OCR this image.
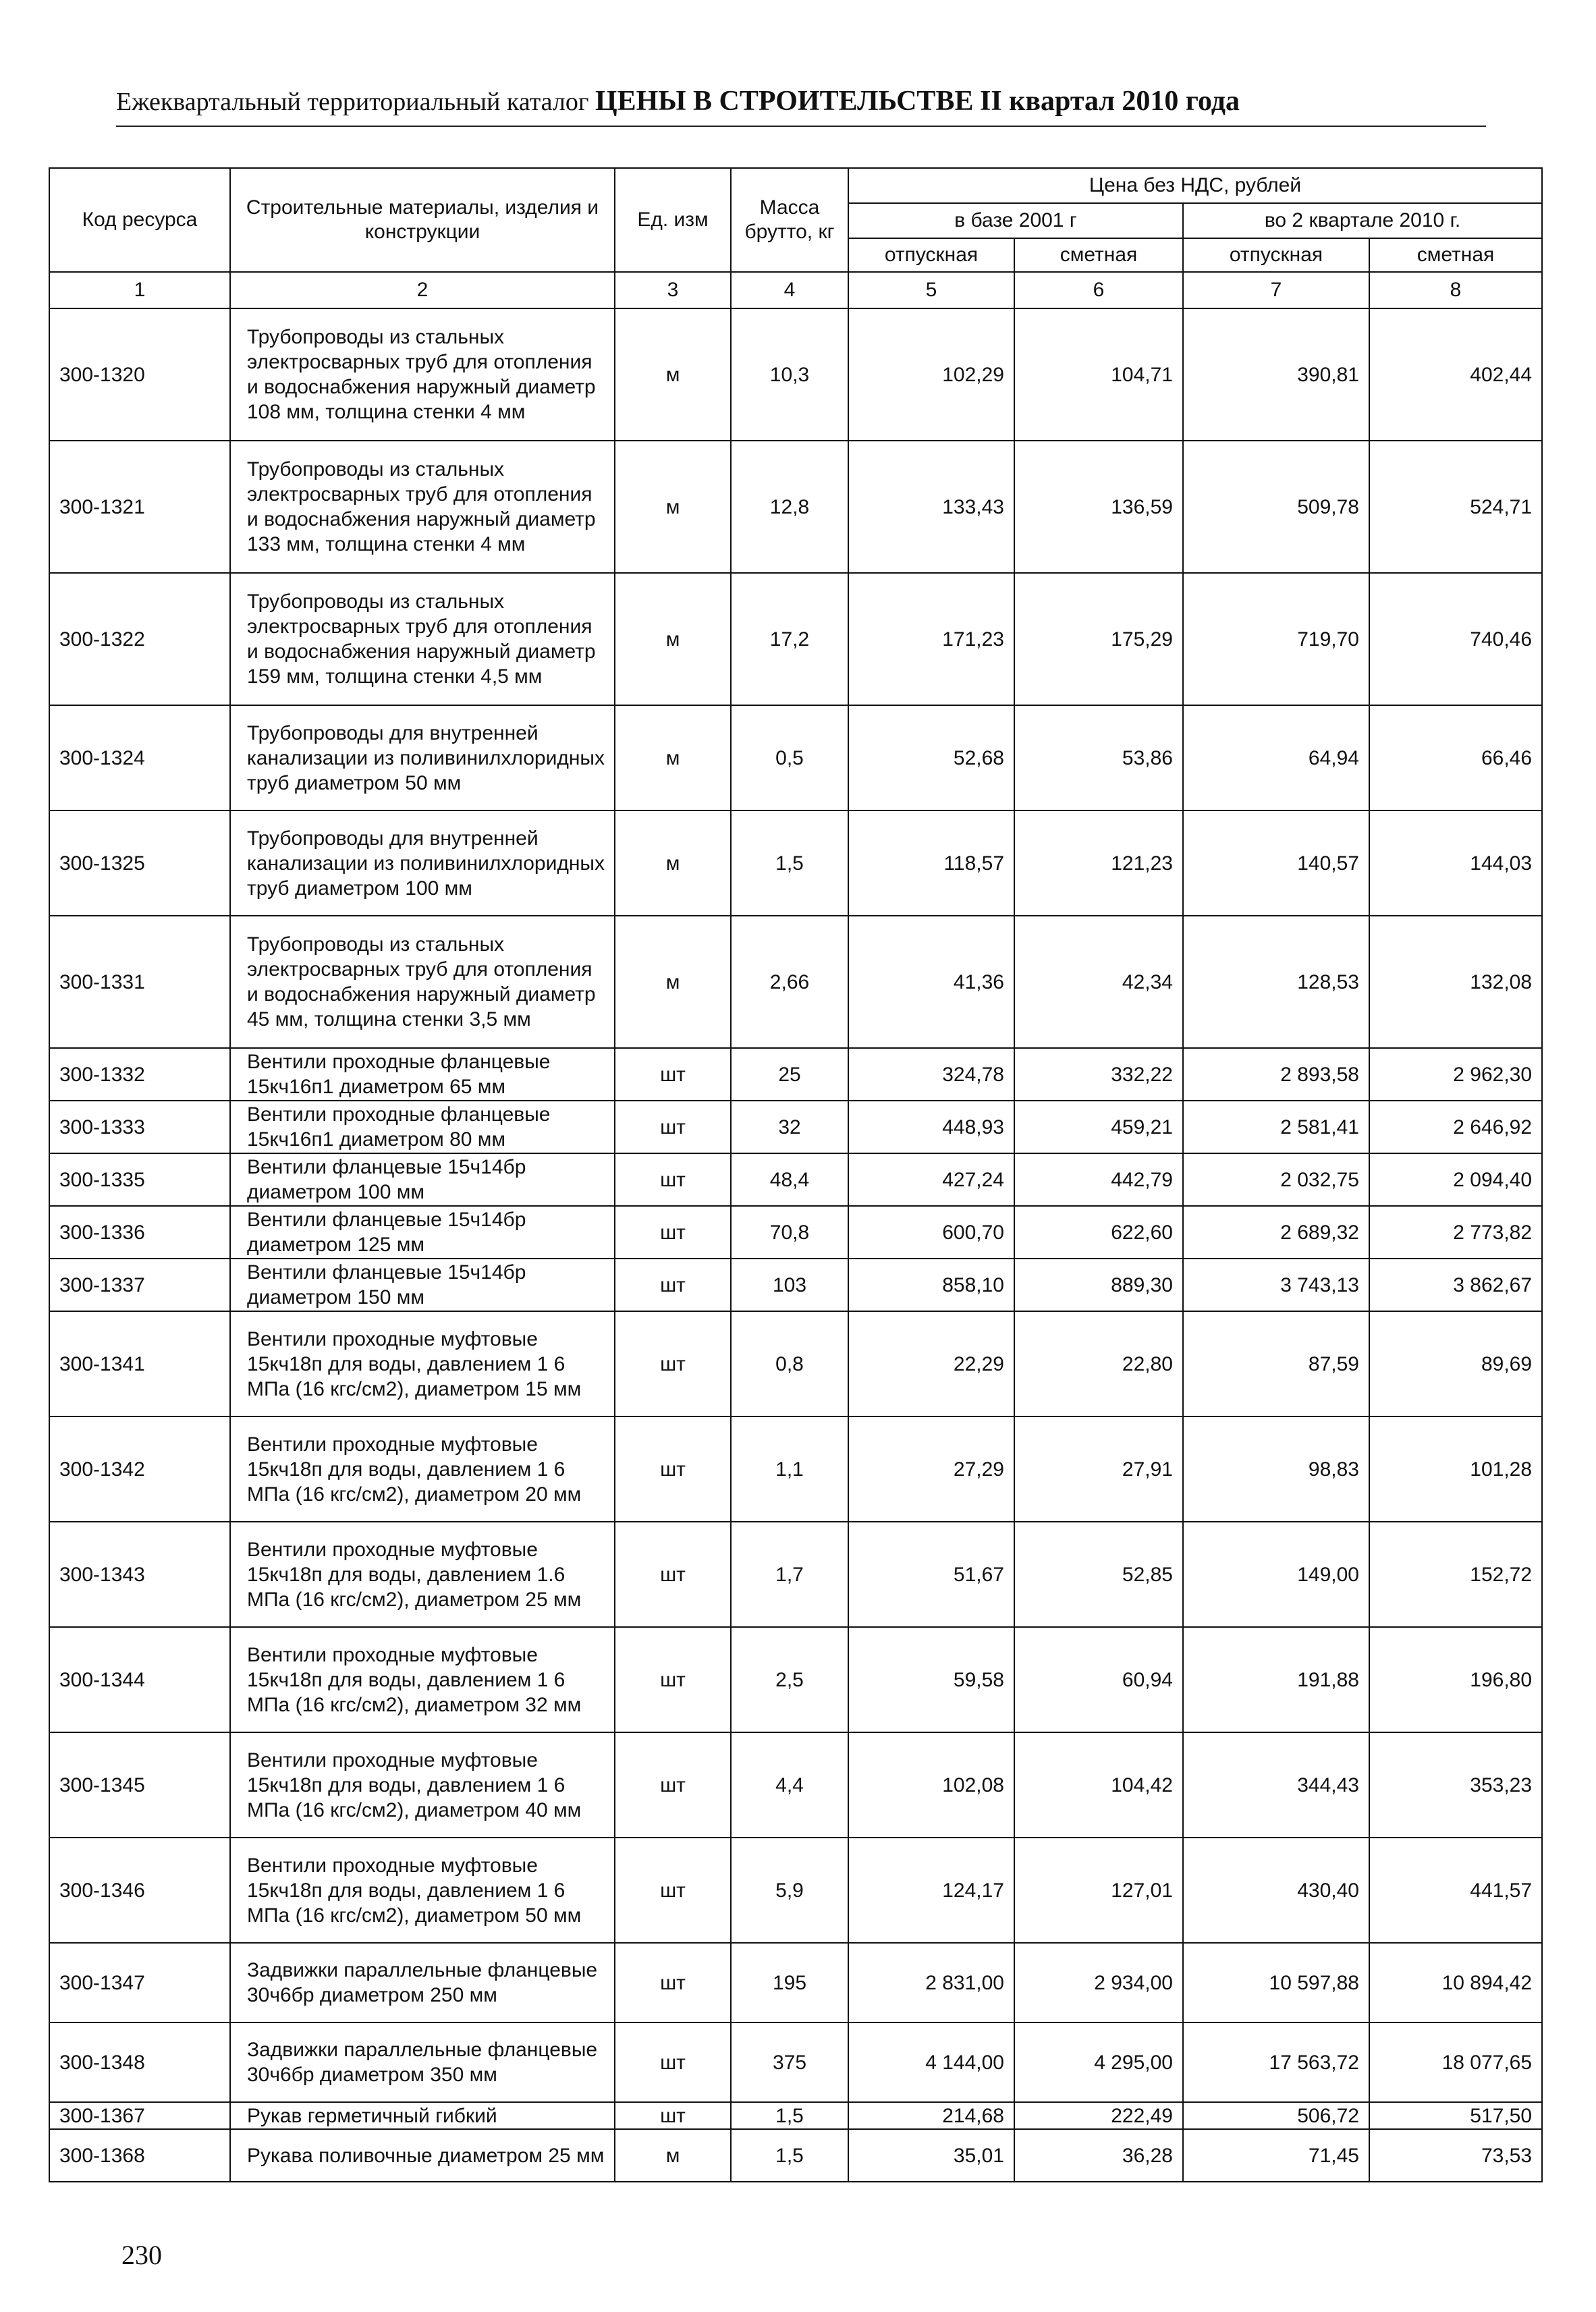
Ежеквартальный территориальный каталог ЦЕНЫ В СТРОИТЕЛЬСТВЕ II квартал 2010 года
Код ресурса	Строительные материалы, изделия и конструкции	Ед. изм	Масса брутто, кг	Цена без НДС, рублей			
				в базе 2001 г		во 2 квартале 2010 г.	
				отпускная	сметная	отпускная	сметная
1	2	3	4	5	6	7	8
300-1320	Трубопроводы из стальных электросварных труб для отопления и водоснабжения наружный диаметр 108 мм, толщина стенки 4 мм	м	10,3	102,29	104,71	390,81	402,44
300-1321	Трубопроводы из стальных электросварных труб для отопления и водоснабжения наружный диаметр 133 мм, толщина стенки 4 мм	м	12,8	133,43	136,59	509,78	524,71
300-1322	Трубопроводы из стальных электросварных труб для отопления и водоснабжения наружный диаметр 159 мм, толщина стенки 4,5 мм	м	17,2	171,23	175,29	719,70	740,46
300-1324	Трубопроводы для внутренней канализации из поливинилхлоридных труб диаметром 50 мм	м	0,5	52,68	53,86	64,94	66,46
300-1325	Трубопроводы для внутренней канализации из поливинилхлоридных труб диаметром 100 мм	м	1,5	118,57	121,23	140,57	144,03
300-1331	Трубопроводы из стальных электросварных труб для отопления и водоснабжения наружный диаметр 45 мм, толщина стенки 3,5 мм	м	2,66	41,36	42,34	128,53	132,08
300-1332	Вентили проходные фланцевые 15кч16п1 диаметром 65 мм	шт	25	324,78	332,22	2 893,58	2 962,30
300-1333	Вентили проходные фланцевые 15кч16п1 диаметром 80 мм	шт	32	448,93	459,21	2 581,41	2 646,92
300-1335	Вентили фланцевые 15ч14бр диаметром 100 мм	шт	48,4	427,24	442,79	2 032,75	2 094,40
300-1336	Вентили фланцевые 15ч14бр диаметром 125 мм	шт	70,8	600,70	622,60	2 689,32	2 773,82
300-1337	Вентили фланцевые 15ч14бр диаметром 150 мм	шт	103	858,10	889,30	3 743,13	3 862,67
300-1341	Вентили проходные муфтовые 15кч18п для воды, давлением 1 6 МПа (16 кгс/см2), диаметром 15 мм	шт	0,8	22,29	22,80	87,59	89,69
300-1342	Вентили проходные муфтовые 15кч18п для воды, давлением 1 6 МПа (16 кгс/см2), диаметром 20 мм	шт	1,1	27,29	27,91	98,83	101,28
300-1343	Вентили проходные муфтовые 15кч18п для воды, давлением 1.6 МПа (16 кгс/см2), диаметром 25 мм	шт	1,7	51,67	52,85	149,00	152,72
300-1344	Вентили проходные муфтовые 15кч18п для воды, давлением 1 6 МПа (16 кгс/см2), диаметром 32 мм	шт	2,5	59,58	60,94	191,88	196,80
300-1345	Вентили проходные муфтовые 15кч18п для воды, давлением 1 6 МПа (16 кгс/см2), диаметром 40 мм	шт	4,4	102,08	104,42	344,43	353,23
300-1346	Вентили проходные муфтовые 15кч18п для воды, давлением 1 6 МПа (16 кгс/см2), диаметром 50 мм	шт	5,9	124,17	127,01	430,40	441,57
300-1347	Задвижки параллельные фланцевые 30ч6бр диаметром 250 мм	шт	195	2 831,00	2 934,00	10 597,88	10 894,42
300-1348	Задвижки параллельные фланцевые 30ч6бр диаметром 350 мм	шт	375	4 144,00	4 295,00	17 563,72	18 077,65
300-1367	Рукав герметичный гибкий	шт	1,5	214,68	222,49	506,72	517,50
300-1368	Рукава поливочные диаметром 25 мм	м	1,5	35,01	36,28	71,45	73,53
230
